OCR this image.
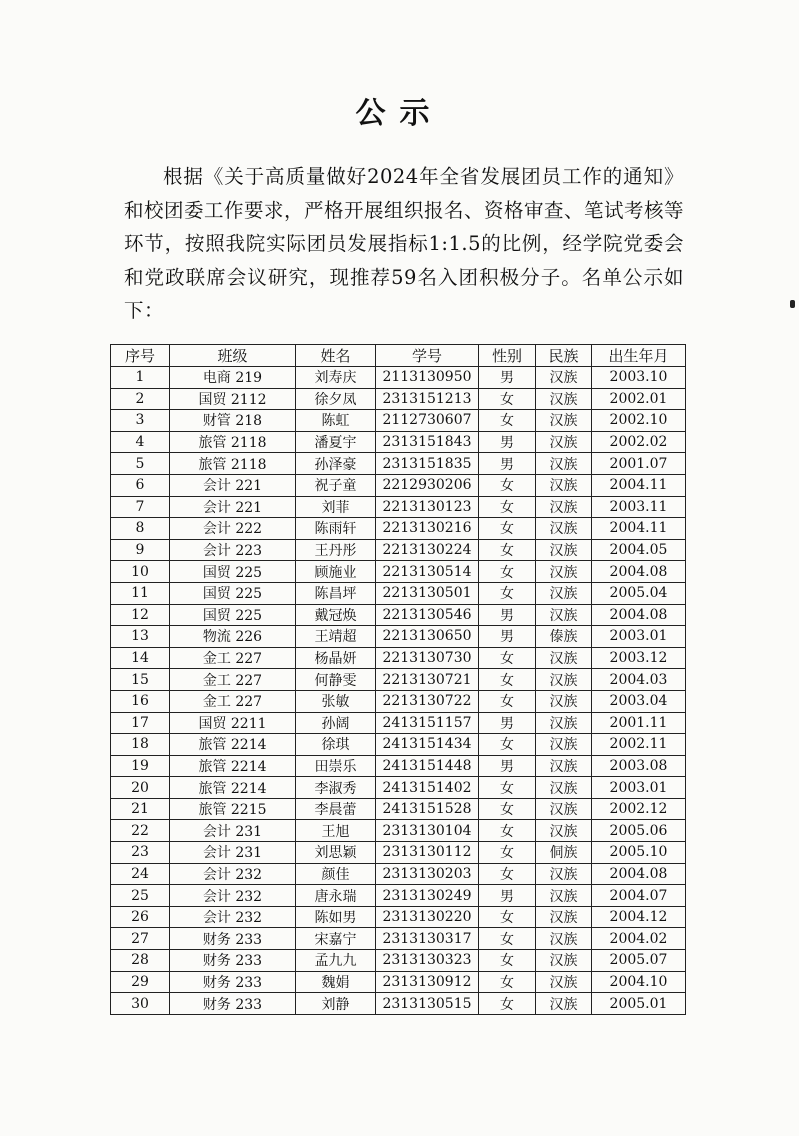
公示
根据《关于高质量做好2024年全省发展团员工作的通知》和校团委工作要求，严格开展组织报名、资格审查、笔试考核等环节，按照我院实际团员发展指标1:1.5的比例，经学院党委会和党政联席会议研究，现推荐59名入团积极分子。名单公示如下：
序号	班级	姓名	学号	性别	民族	出生年月
1	电商 219	刘寿庆	2113130950	男	汉族	2003.10
2	国贸 2112	徐夕凤	2313151213	女	汉族	2002.01
3	财管 218	陈虹	2112730607	女	汉族	2002.10
4	旅管 2118	潘夏宇	2313151843	男	汉族	2002.02
5	旅管 2118	孙泽豪	2313151835	男	汉族	2001.07
6	会计 221	祝子童	2212930206	女	汉族	2004.11
7	会计 221	刘菲	2213130123	女	汉族	2003.11
8	会计 222	陈雨轩	2213130216	女	汉族	2004.11
9	会计 223	王丹彤	2213130224	女	汉族	2004.05
10	国贸 225	顾施业	2213130514	女	汉族	2004.08
11	国贸 225	陈昌坪	2213130501	女	汉族	2005.04
12	国贸 225	戴冠焕	2213130546	男	汉族	2004.08
13	物流 226	王靖超	2213130650	男	傣族	2003.01
14	金工 227	杨晶妍	2213130730	女	汉族	2003.12
15	金工 227	何静雯	2213130721	女	汉族	2004.03
16	金工 227	张敏	2213130722	女	汉族	2003.04
17	国贸 2211	孙阔	2413151157	男	汉族	2001.11
18	旅管 2214	徐琪	2413151434	女	汉族	2002.11
19	旅管 2214	田崇乐	2413151448	男	汉族	2003.08
20	旅管 2214	李淑秀	2413151402	女	汉族	2003.01
21	旅管 2215	李晨蕾	2413151528	女	汉族	2002.12
22	会计 231	王旭	2313130104	女	汉族	2005.06
23	会计 231	刘思颖	2313130112	女	侗族	2005.10
24	会计 232	颜佳	2313130203	女	汉族	2004.08
25	会计 232	唐永瑞	2313130249	男	汉族	2004.07
26	会计 232	陈如男	2313130220	女	汉族	2004.12
27	财务 233	宋嘉宁	2313130317	女	汉族	2004.02
28	财务 233	孟九九	2313130323	女	汉族	2005.07
29	财务 233	魏娟	2313130912	女	汉族	2004.10
30	财务 233	刘静	2313130515	女	汉族	2005.01
